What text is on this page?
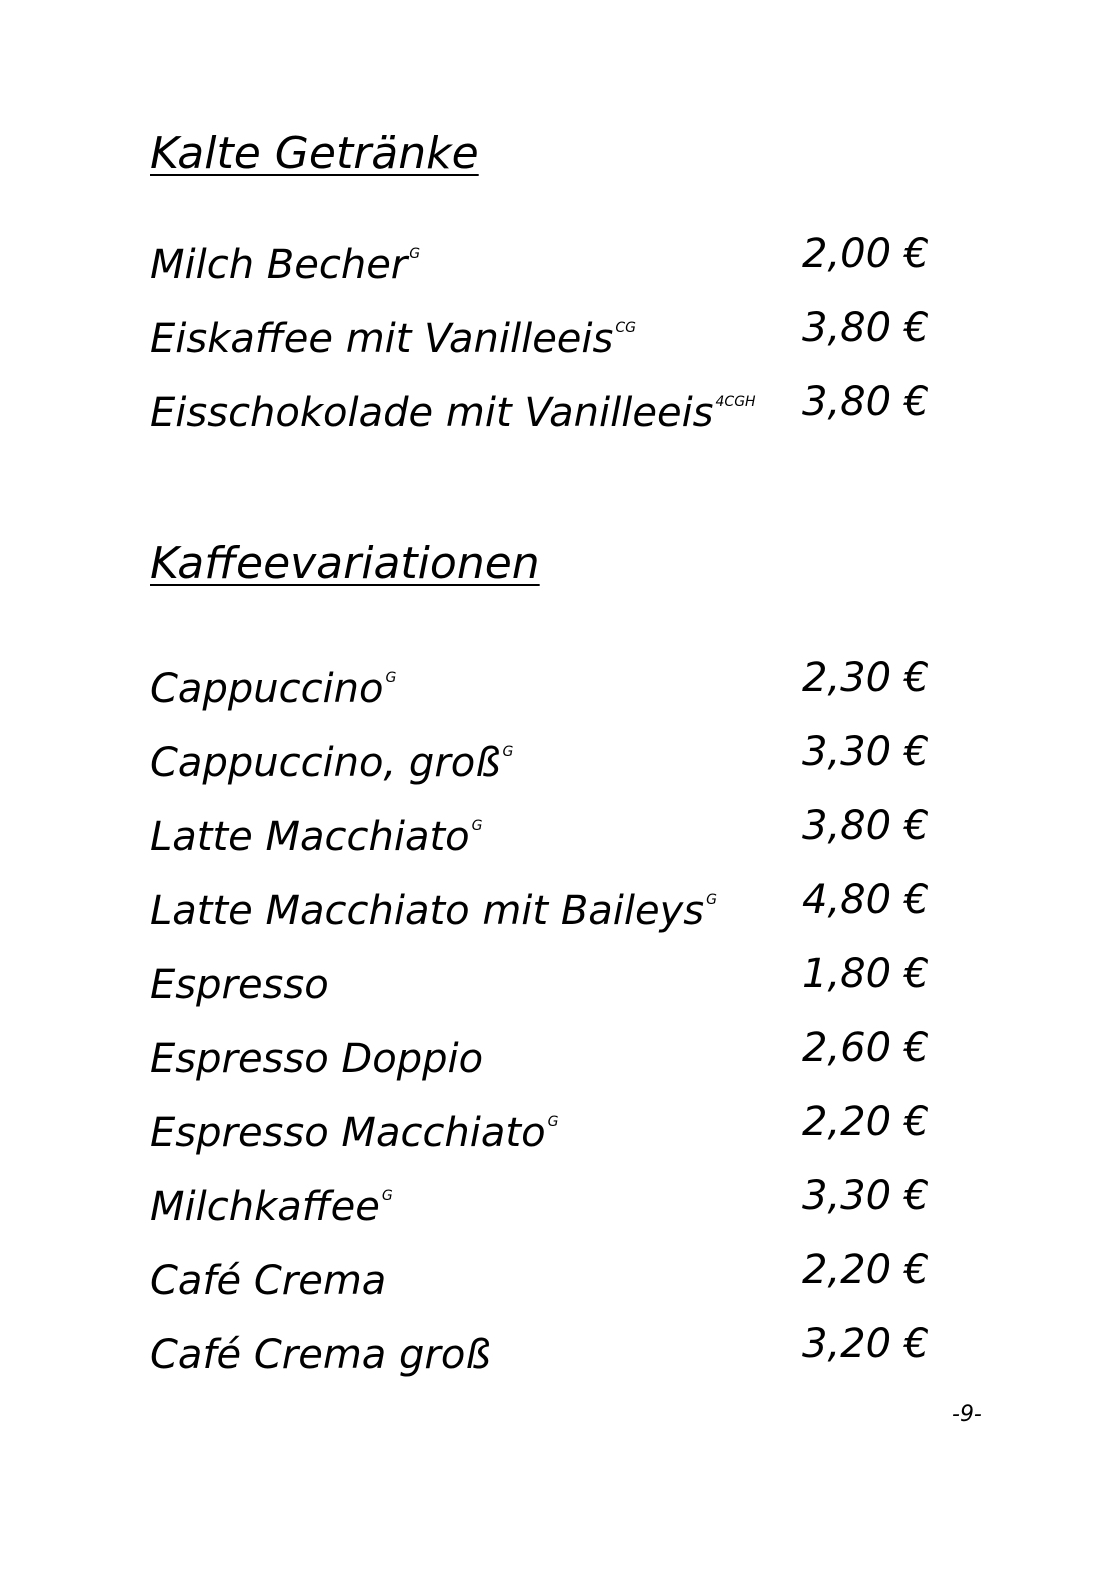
Kalte Getränke
Milch Becher $^G$	2,00 €
Eiskaffee mit Vanilleeis $^{CG}$	3,80 €
Eisschokolade mit Vanilleeis $^{4CGH}$ 3,80 €
Kaffeevariationen
Cappuccino $^G$	2,30 €
Cappuccino, groß $^G$	3,30 €
Latte Macchiato $^G$	3,80 €
Latte Macchiato mit Baileys $^G$ 4,80 €
Espresso	1,80 €
Espresso Doppio	2,60 €
Espresso Macchiato $^G$	2,20 €
Milchkaffee $^G$	3,30 €
Café Crema	2,20 €
Café Crema groß	3,20 €
-9-
